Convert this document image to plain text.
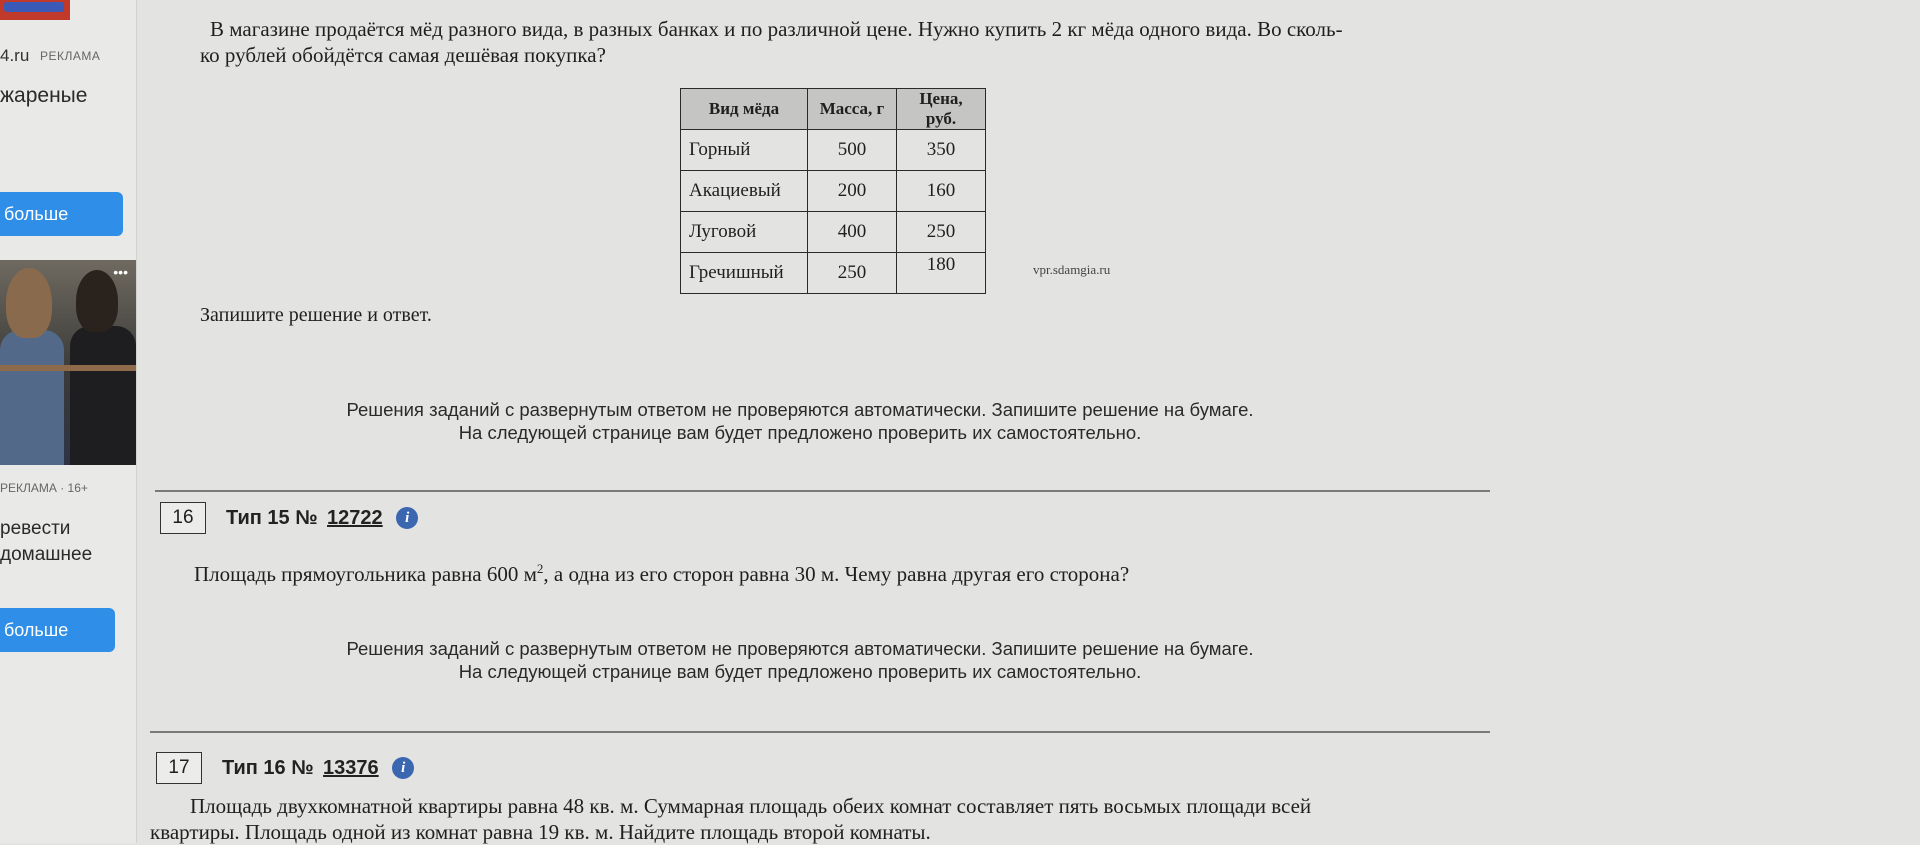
4.ru РЕКЛАМА
жареные
больше
•••
РЕКЛАМА · 16+
ревести
домашнее
больше
В магазине продаётся мёд разного вида, в разных банках и по различной цене. Нужно купить 2 кг мёда одного вида. Во сколь-
ко рублей обойдётся самая дешёвая покупка?
Вид мёда	Масса, г	Цена, руб.
Горный	500	350
Акациевый	200	160
Луговой	400	250
Гречишный	250	180	vpr.sdamgia.ru
Запишите решение и ответ.
Решения заданий с развернутым ответом не проверяются автоматически. Запишите решение на бумаге.
На следующей странице вам будет предложено проверить их самостоятельно.
16	Тип 15 № 12722 i
Площадь прямоугольника равна 600 $м^2$, а одна из его сторон равна 30 м. Чему равна другая его сторона?
Решения заданий с развернутым ответом не проверяются автоматически. Запишите решение на бумаге.
На следующей странице вам будет предложено проверить их самостоятельно.
17	Тип 16 № 13376 i
Площадь двухкомнатной квартиры равна 48 кв. м. Суммарная площадь обеих комнат составляет пять восьмых площади всей
квартиры. Площадь одной из комнат равна 19 кв. м. Найдите площадь второй комнаты.
